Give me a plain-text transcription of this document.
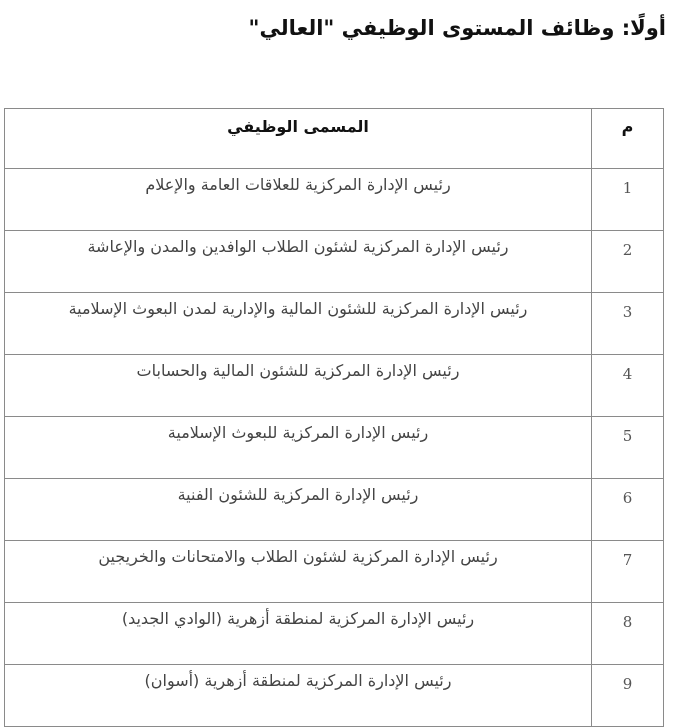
أولًا: وظائف المستوى الوظيفي "العالي"
م	المسمى الوظيفي
1	رئيس الإدارة المركزية للعلاقات العامة والإعلام
2	رئيس الإدارة المركزية لشئون الطلاب الوافدين والمدن والإعاشة
3	رئيس الإدارة المركزية للشئون المالية والإدارية لمدن البعوث الإسلامية
4	رئيس الإدارة المركزية للشئون المالية والحسابات
5	رئيس الإدارة المركزية للبعوث الإسلامية
6	رئيس الإدارة المركزية للشئون الفنية
7	رئيس الإدارة المركزية لشئون الطلاب والامتحانات والخريجين
8	رئيس الإدارة المركزية لمنطقة أزهرية (الوادي الجديد)
9	رئيس الإدارة المركزية لمنطقة أزهرية (أسوان)
